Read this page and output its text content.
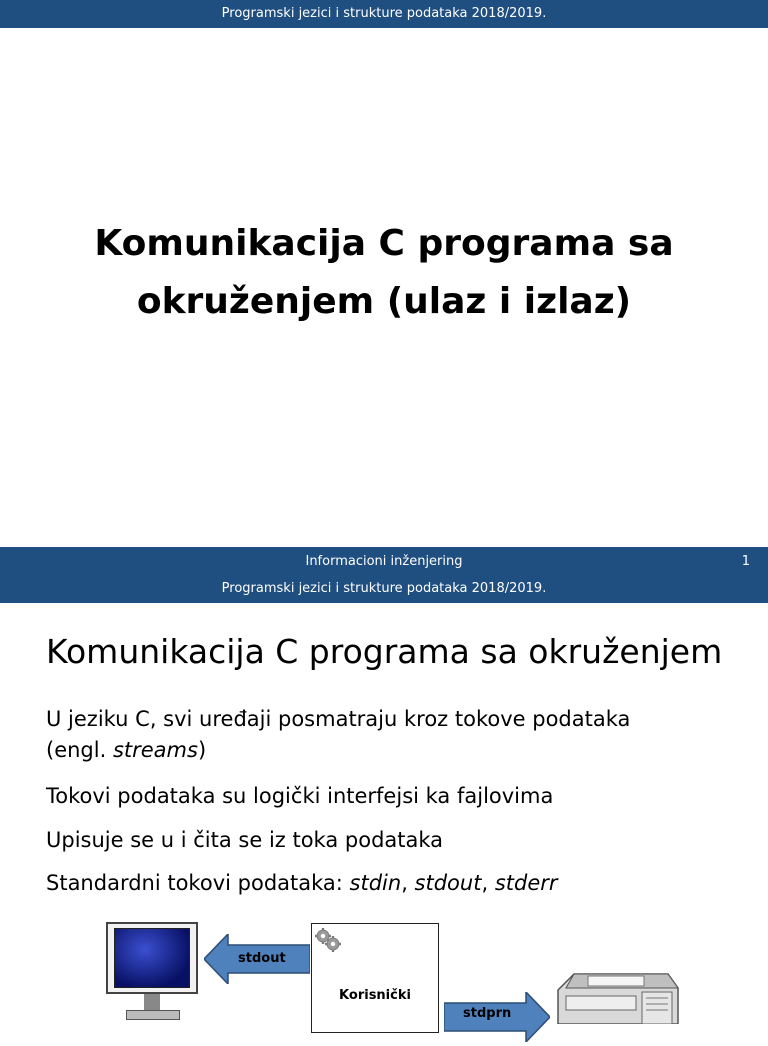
Programski jezici i strukture podataka 2018/2019.
Komunikacija C programa sa
okruženjem (ulaz i izlaz)
Informacioni inženjering	1
Programski jezici i strukture podataka 2018/2019.
Komunikacija C programa sa okruženjem
U jeziku C, svi uređaji posmatraju kroz tokove podataka
(engl. streams)
Tokovi podataka su logički interfejsi ka fajlovima
Upisuje se u i čita se iz toka podataka
Standardni tokovi podataka: stdin, stdout, stderr
stdout
Korisnički
stdprn
